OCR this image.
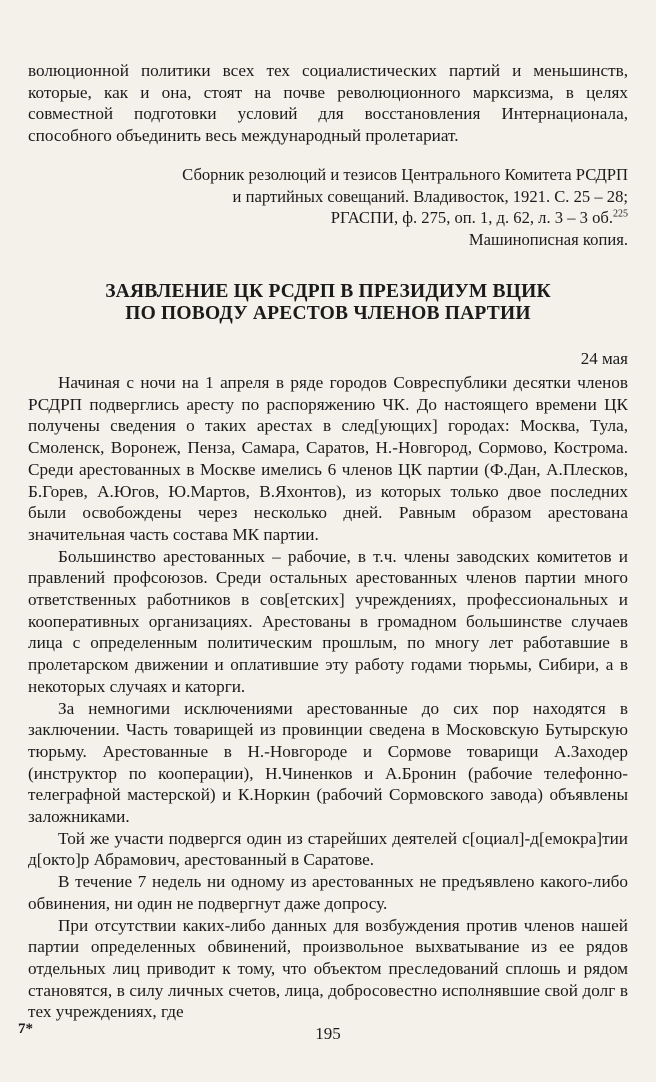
волюционной политики всех тех социалистических партий и меньшинств, которые, как и она, стоят на почве революционного марксизма, в целях совместной подготовки условий для восстановления Интернационала, способного объединить весь международный пролетариат.

Сборник резолюций и тезисов Центрального Комитета РСДРП
и партийных совещаний. Владивосток, 1921. С. 25 – 28;
РГАСПИ, ф. 275, оп. 1, д. 62, л. 3 – 3 об.$^{225}$
Машинописная копия.
ЗАЯВЛЕНИЕ ЦК РСДРП В ПРЕЗИДИУМ ВЦИК
ПО ПОВОДУ АРЕСТОВ ЧЛЕНОВ ПАРТИИ
24 мая

Начиная с ночи на 1 апреля в ряде городов Совреспублики десятки членов РСДРП подверглись аресту по распоряжению ЧК. До настоящего времени ЦК получены сведения о таких арестах в след[ующих] городах: Москва, Тула, Смоленск, Воронеж, Пенза, Самара, Саратов, Н.-Новгород, Сормово, Кострома. Среди арестованных в Москве имелись 6 членов ЦК партии (Ф.Дан, А.Плесков, Б.Горев, А.Югов, Ю.Мартов, В.Яхонтов), из которых только двое последних были освобождены через несколько дней. Равным образом арестована значительная часть состава МК партии.

Большинство арестованных – рабочие, в т.ч. члены заводских комитетов и правлений профсоюзов. Среди остальных арестованных членов партии много ответственных работников в сов[етских] учреждениях, профессиональных и кооперативных организациях. Арестованы в громадном большинстве случаев лица с определенным политическим прошлым, по многу лет работавшие в пролетарском движении и оплатившие эту работу годами тюрьмы, Сибири, а в некоторых случаях и каторги.

За немногими исключениями арестованные до сих пор находятся в заключении. Часть товарищей из провинции сведена в Московскую Бутырскую тюрьму. Арестованные в Н.-Новгороде и Сормове товарищи А.Заходер (инструктор по кооперации), Н.Чиненков и А.Бронин (рабочие телефонно-телеграфной мастерской) и К.Норкин (рабочий Сормовского завода) объявлены заложниками.

Той же участи подвергся один из старейших деятелей с[оциал]-д[емокра]тии д[окто]р Абрамович, арестованный в Саратове.

В течение 7 недель ни одному из арестованных не предъявлено какого-либо обвинения, ни один не подвергнут даже допросу.

При отсутствии каких-либо данных для возбуждения против членов нашей партии определенных обвинений, произвольное выхватывание из ее рядов отдельных лиц приводит к тому, что объектом преследований сплошь и рядом становятся, в силу личных счетов, лица, добросовестно исполнявшие свой долг в тех учреждениях, где

7*	195
